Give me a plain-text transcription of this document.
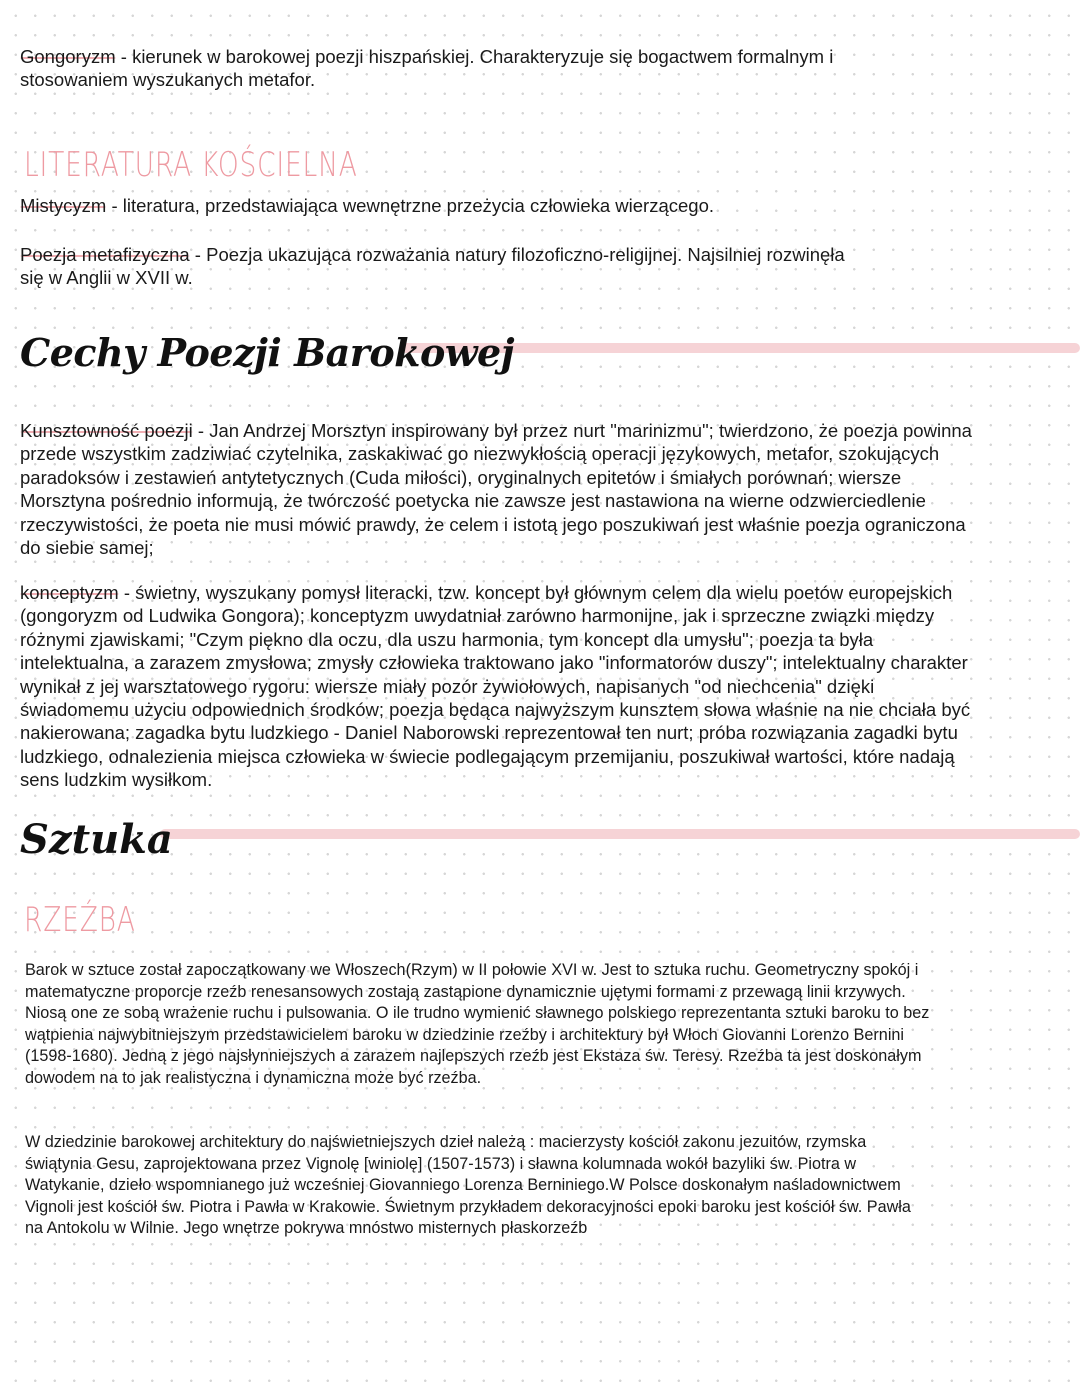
Gongoryzm - kierunek w barokowej poezji hiszpańskiej. Charakteryzuje się bogactwem formalnym i stosowaniem wyszukanych metafor.

LITERATURA KOŚCIELNA

Mistycyzm - literatura, przedstawiająca wewnętrzne przeżycia człowieka wierzącego.

Poezja metafizyczna - Poezja ukazująca rozważania natury filozoficzno-religijnej. Najsilniej rozwinęła się w Anglii w XVII w.

Cechy Poezji Barokowej

Kunsztowność poezji - Jan Andrzej Morsztyn inspirowany był przez nurt "marinizmu"; twierdzono, że poezja powinna przede wszystkim zadziwiać czytelnika, zaskakiwać go niezwykłością operacji językowych, metafor, szokujących paradoksów i zestawień antytetycznych (Cuda miłości), oryginalnych epitetów i śmiałych porównań; wiersze Morsztyna pośrednio informują, że twórczość poetycka nie zawsze jest nastawiona na wierne odzwierciedlenie rzeczywistości, że poeta nie musi mówić prawdy, że celem i istotą jego poszukiwań jest właśnie poezja ograniczona do siebie samej;

konceptyzm - świetny, wyszukany pomysł literacki, tzw. koncept był głównym celem dla wielu poetów europejskich (gongoryzm od Ludwika Gongora); konceptyzm uwydatniał zarówno harmonijne, jak i sprzeczne związki między różnymi zjawiskami; "Czym piękno dla oczu, dla uszu harmonia, tym koncept dla umysłu"; poezja ta była intelektualna, a zarazem zmysłowa; zmysły człowieka traktowano jako "informatorów duszy"; intelektualny charakter wynikał z jej warsztatowego rygoru: wiersze miały pozór żywiołowych, napisanych "od niechcenia" dzięki świadomemu użyciu odpowiednich środków; poezja będąca najwyższym kunsztem słowa właśnie na nie chciała być nakierowana; zagadka bytu ludzkiego - Daniel Naborowski reprezentował ten nurt; próba rozwiązania zagadki bytu ludzkiego, odnalezienia miejsca człowieka w świecie podlegającym przemijaniu, poszukiwał wartości, które nadają sens ludzkim wysiłkom.

Sztuka
RZEŹBA

Barok w sztuce został zapoczątkowany we Włoszech(Rzym) w II połowie XVI w. Jest to sztuka ruchu. Geometryczny spokój i matematyczne proporcje rzeźb renesansowych zostają zastąpione dynamicznie ujętymi formami z przewagą linii krzywych. Niosą one ze sobą wrażenie ruchu i pulsowania. O ile trudno wymienić sławnego polskiego reprezentanta sztuki baroku to bez wątpienia najwybitniejszym przedstawicielem baroku w dziedzinie rzeźby i architektury był Włoch Giovanni Lorenzo Bernini (1598-1680). Jedną z jego najsłynniejszych a zarazem najlepszych rzeźb jest Ekstaza św. Teresy. Rzeźba ta jest doskonałym dowodem na to jak realistyczna i dynamiczna może być rzeźba.

W dziedzinie barokowej architektury do najświetniejszych dzieł należą : macierzysty kościół zakonu jezuitów, rzymska świątynia Gesu, zaprojektowana przez Vignolę [winiolę] (1507-1573) i sławna kolumnada wokół bazyliki św. Piotra w Watykanie, dzieło wspomnianego już wcześniej Giovanniego Lorenza Berniniego.W Polsce doskonałym naśladownictwem Vignoli jest kościół św. Piotra i Pawła w Krakowie. Świetnym przykładem dekoracyjności epoki baroku jest kościół św. Pawła na Antokolu w Wilnie. Jego wnętrze pokrywa mnóstwo misternych płaskorzeźb
